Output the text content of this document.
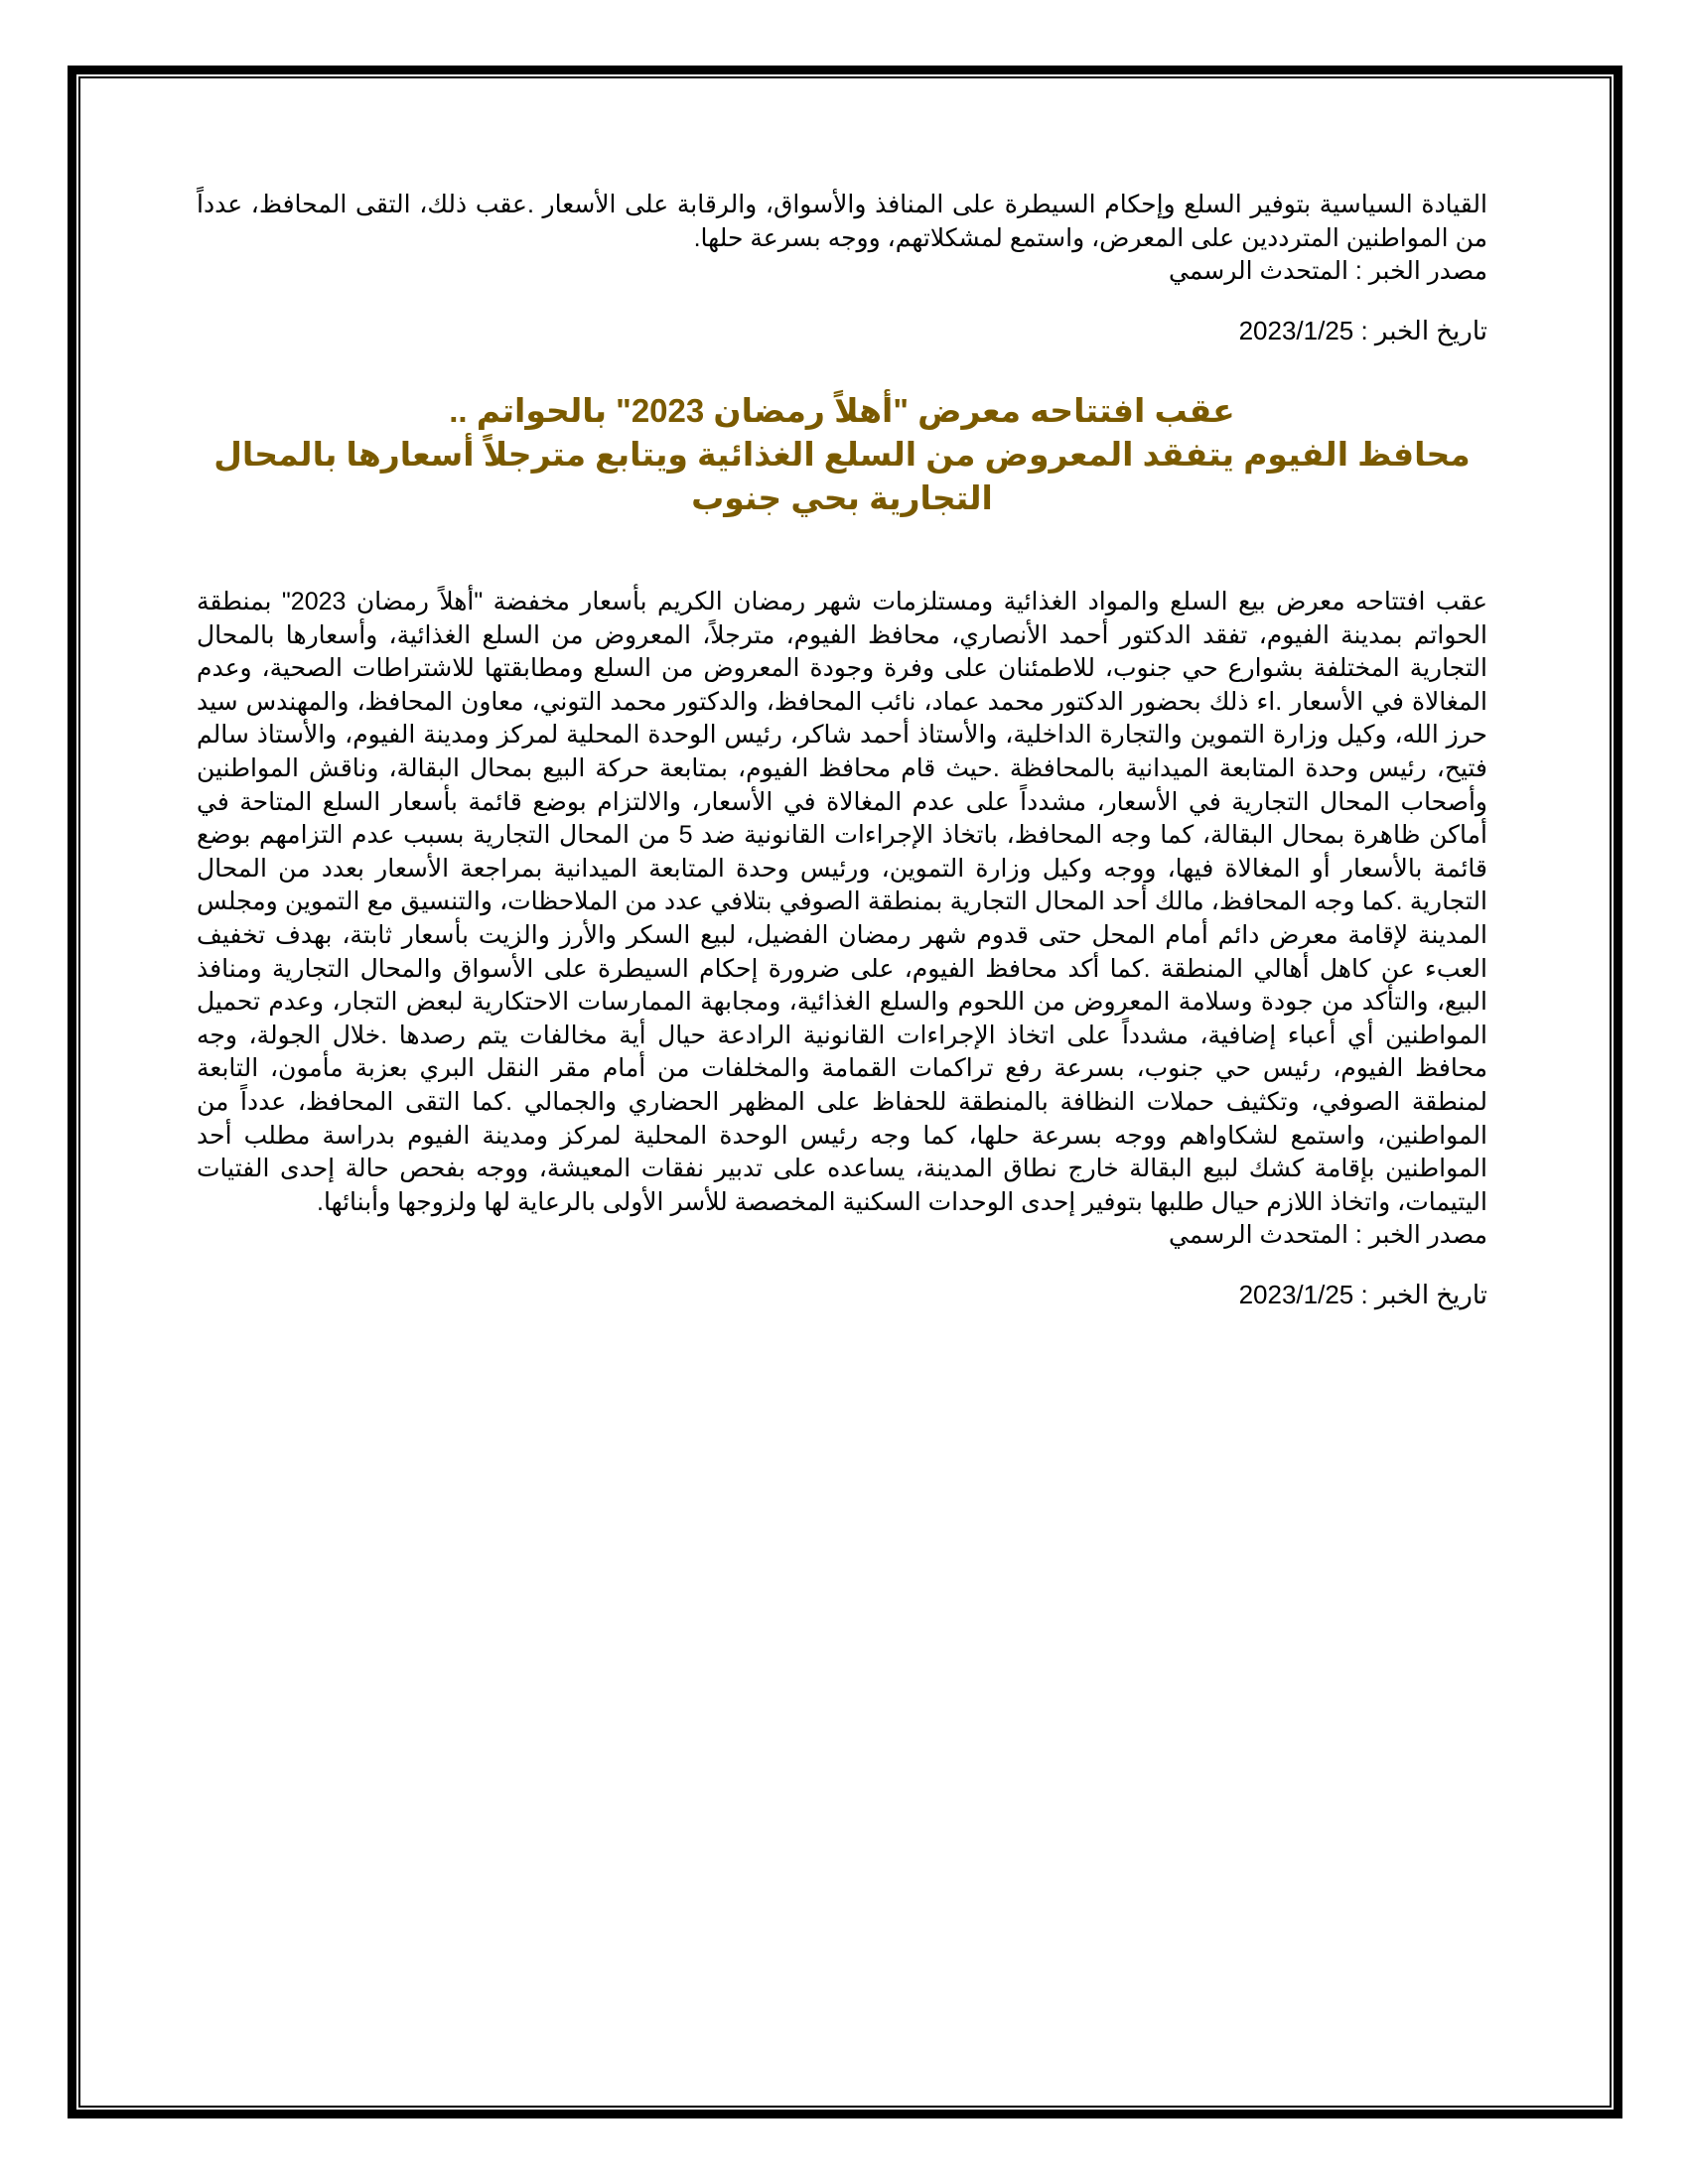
القيادة السياسية بتوفير السلع وإحكام السيطرة على المنافذ والأسواق، والرقابة على الأسعار .عقب ذلك، التقى المحافظ، عدداً من المواطنين المترددين على المعرض، واستمع لمشكلاتهم، ووجه بسرعة حلها.

مصدر الخبر : المتحدث الرسمي

تاريخ الخبر : 2023/1/25

عقب افتتاحه معرض "أهلاً رمضان 2023" بالحواتم ..
محافظ الفيوم يتفقد المعروض من السلع الغذائية ويتابع مترجلاً أسعارها بالمحال
التجارية بحي جنوب

عقب افتتاحه معرض بيع السلع والمواد الغذائية ومستلزمات شهر رمضان الكريم بأسعار مخفضة "أهلاً رمضان 2023" بمنطقة الحواتم بمدينة الفيوم، تفقد الدكتور أحمد الأنصاري، محافظ الفيوم، مترجلاً، المعروض من السلع الغذائية، وأسعارها بالمحال التجارية المختلفة بشوارع حي جنوب، للاطمئنان على وفرة وجودة المعروض من السلع ومطابقتها للاشتراطات الصحية، وعدم المغالاة في الأسعار .اء ذلك بحضور الدكتور محمد عماد، نائب المحافظ، والدكتور محمد التوني، معاون المحافظ، والمهندس سيد حرز الله، وكيل وزارة التموين والتجارة الداخلية، والأستاذ أحمد شاكر، رئيس الوحدة المحلية لمركز ومدينة الفيوم، والأستاذ سالم فتيح، رئيس وحدة المتابعة الميدانية بالمحافظة .حيث قام محافظ الفيوم، بمتابعة حركة البيع بمحال البقالة، وناقش المواطنين وأصحاب المحال التجارية في الأسعار، مشدداً على عدم المغالاة في الأسعار، والالتزام بوضع قائمة بأسعار السلع المتاحة في أماكن ظاهرة بمحال البقالة، كما وجه المحافظ، باتخاذ الإجراءات القانونية ضد 5 من المحال التجارية بسبب عدم التزامهم بوضع قائمة بالأسعار أو المغالاة فيها، ووجه وكيل وزارة التموين، ورئيس وحدة المتابعة الميدانية بمراجعة الأسعار بعدد من المحال التجارية .كما وجه المحافظ، مالك أحد المحال التجارية بمنطقة الصوفي بتلافي عدد من الملاحظات، والتنسيق مع التموين ومجلس المدينة لإقامة معرض دائم أمام المحل حتى قدوم شهر رمضان الفضيل، لبيع السكر والأرز والزيت بأسعار ثابتة، بهدف تخفيف العبء عن كاهل أهالي المنطقة .كما أكد محافظ الفيوم، على ضرورة إحكام السيطرة على الأسواق والمحال التجارية ومنافذ البيع، والتأكد من جودة وسلامة المعروض من اللحوم والسلع الغذائية، ومجابهة الممارسات الاحتكارية لبعض التجار، وعدم تحميل المواطنين أي أعباء إضافية، مشدداً على اتخاذ الإجراءات القانونية الرادعة حيال أية مخالفات يتم رصدها .خلال الجولة، وجه محافظ الفيوم، رئيس حي جنوب، بسرعة رفع تراكمات القمامة والمخلفات من أمام مقر النقل البري بعزبة مأمون، التابعة لمنطقة الصوفي، وتكثيف حملات النظافة بالمنطقة للحفاظ على المظهر الحضاري والجمالي .كما التقى المحافظ، عدداً من المواطنين، واستمع لشكاواهم ووجه بسرعة حلها، كما وجه رئيس الوحدة المحلية لمركز ومدينة الفيوم بدراسة مطلب أحد المواطنين بإقامة كشك لبيع البقالة خارج نطاق المدينة، يساعده على تدبير نفقات المعيشة، ووجه بفحص حالة إحدى الفتيات اليتيمات، واتخاذ اللازم حيال طلبها بتوفير إحدى الوحدات السكنية المخصصة للأسر الأولى بالرعاية لها ولزوجها وأبنائها.

مصدر الخبر : المتحدث الرسمي

تاريخ الخبر : 2023/1/25
